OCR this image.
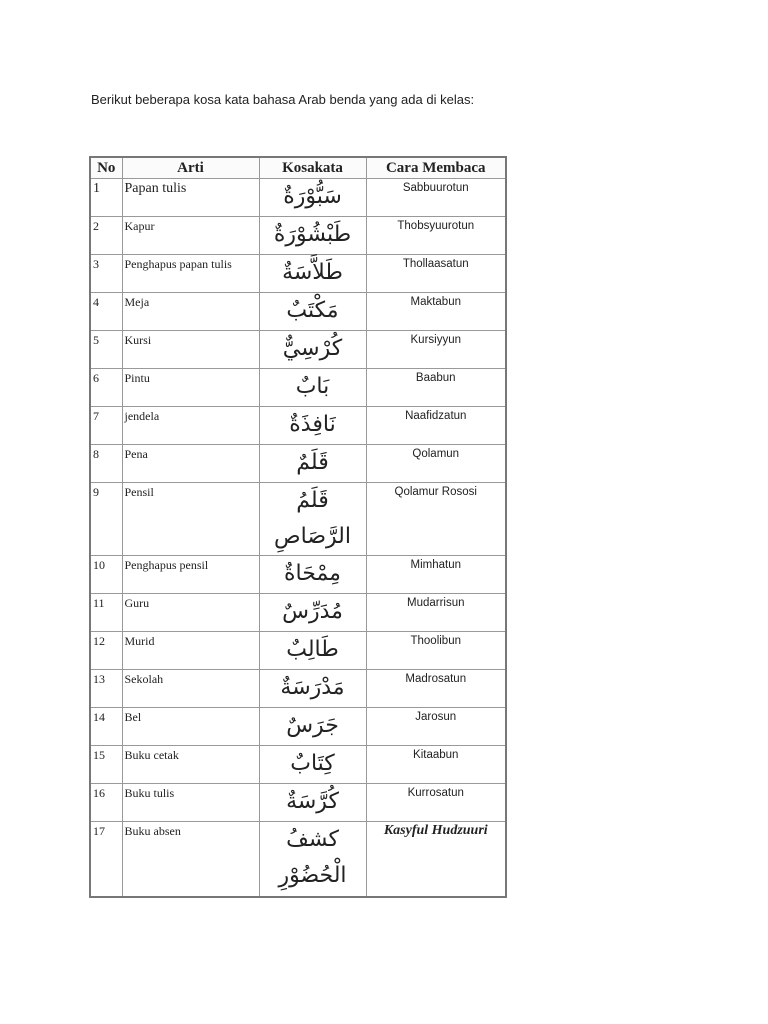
Berikut beberapa kosa kata bahasa Arab benda yang ada di kelas:
No	Arti	Kosakata	Cara Membaca
1	Papan tulis	سَبُّوْرَةٌ	Sabbuurotun
2	Kapur	طَبْشُوْرَةٌ	Thobsyuurotun
3	Penghapus papan tulis	طَلاَّسَةٌ	Thollaasatun
4	Meja	مَكْتَبٌ	Maktabun
5	Kursi	كُرْسِيٌّ	Kursiyyun
6	Pintu	بَابٌ	Baabun
7	jendela	نَافِذَةٌ	Naafidzatun
8	Pena	قَلَمٌ	Qolamun
9	Pensil	قَلَمُ الرَّصَاصِ	Qolamur Rososi
10	Penghapus pensil	مِمْحَاةٌ	Mimhatun
11	Guru	مُدَرِّسٌ	Mudarrisun
12	Murid	طَالِبٌ	Thoolibun
13	Sekolah	مَدْرَسَةٌ	Madrosatun
14	Bel	جَرَسٌ	Jarosun
15	Buku cetak	كِتَابٌ	Kitaabun
16	Buku tulis	كُرَّسَةٌ	Kurrosatun
17	Buku absen	كشفُ الْحُضُوْرِ	Kasyful Hudzuuri
